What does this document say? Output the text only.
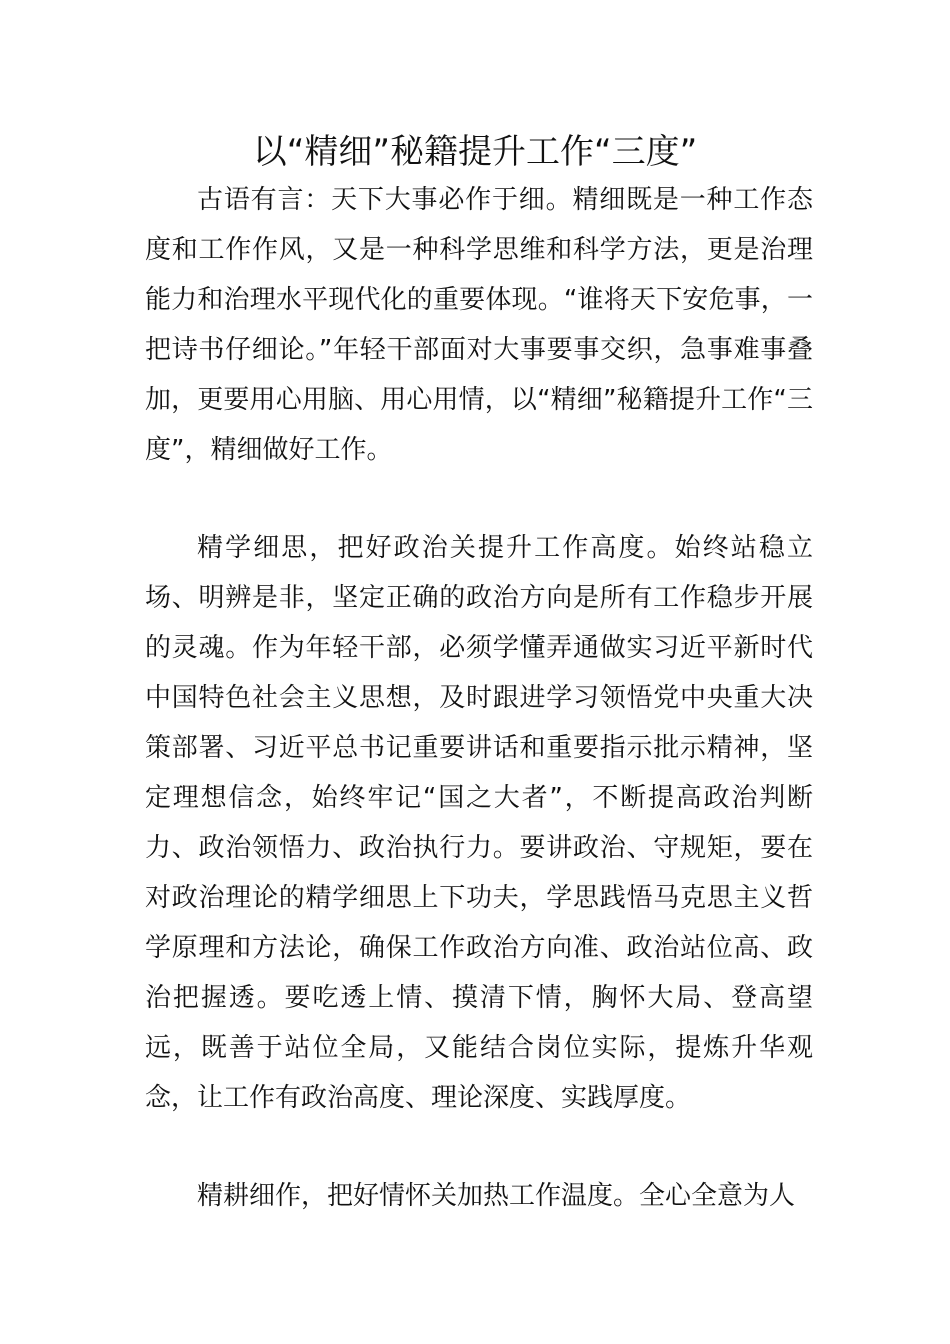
以“精细”秘籍提升工作“三度”

古语有言：天下大事必作于细。精细既是一种工作态度和工作作风，又是一种科学思维和科学方法，更是治理能力和治理水平现代化的重要体现。“谁将天下安危事，一把诗书仔细论。”年轻干部面对大事要事交织，急事难事叠加，更要用心用脑、用心用情，以“精细”秘籍提升工作“三度”，精细做好工作。

精学细思，把好政治关提升工作高度。始终站稳立场、明辨是非，坚定正确的政治方向是所有工作稳步开展的灵魂。作为年轻干部，必须学懂弄通做实习近平新时代中国特色社会主义思想，及时跟进学习领悟党中央重大决策部署、习近平总书记重要讲话和重要指示批示精神，坚定理想信念，始终牢记“国之大者”，不断提高政治判断力、政治领悟力、政治执行力。要讲政治、守规矩，要在对政治理论的精学细思上下功夫，学思践悟马克思主义哲学原理和方法论，确保工作政治方向准、政治站位高、政治把握透。要吃透上情、摸清下情，胸怀大局、登高望远，既善于站位全局，又能结合岗位实际，提炼升华观念，让工作有政治高度、理论深度、实践厚度。

精耕细作，把好情怀关加热工作温度。全心全意为人
